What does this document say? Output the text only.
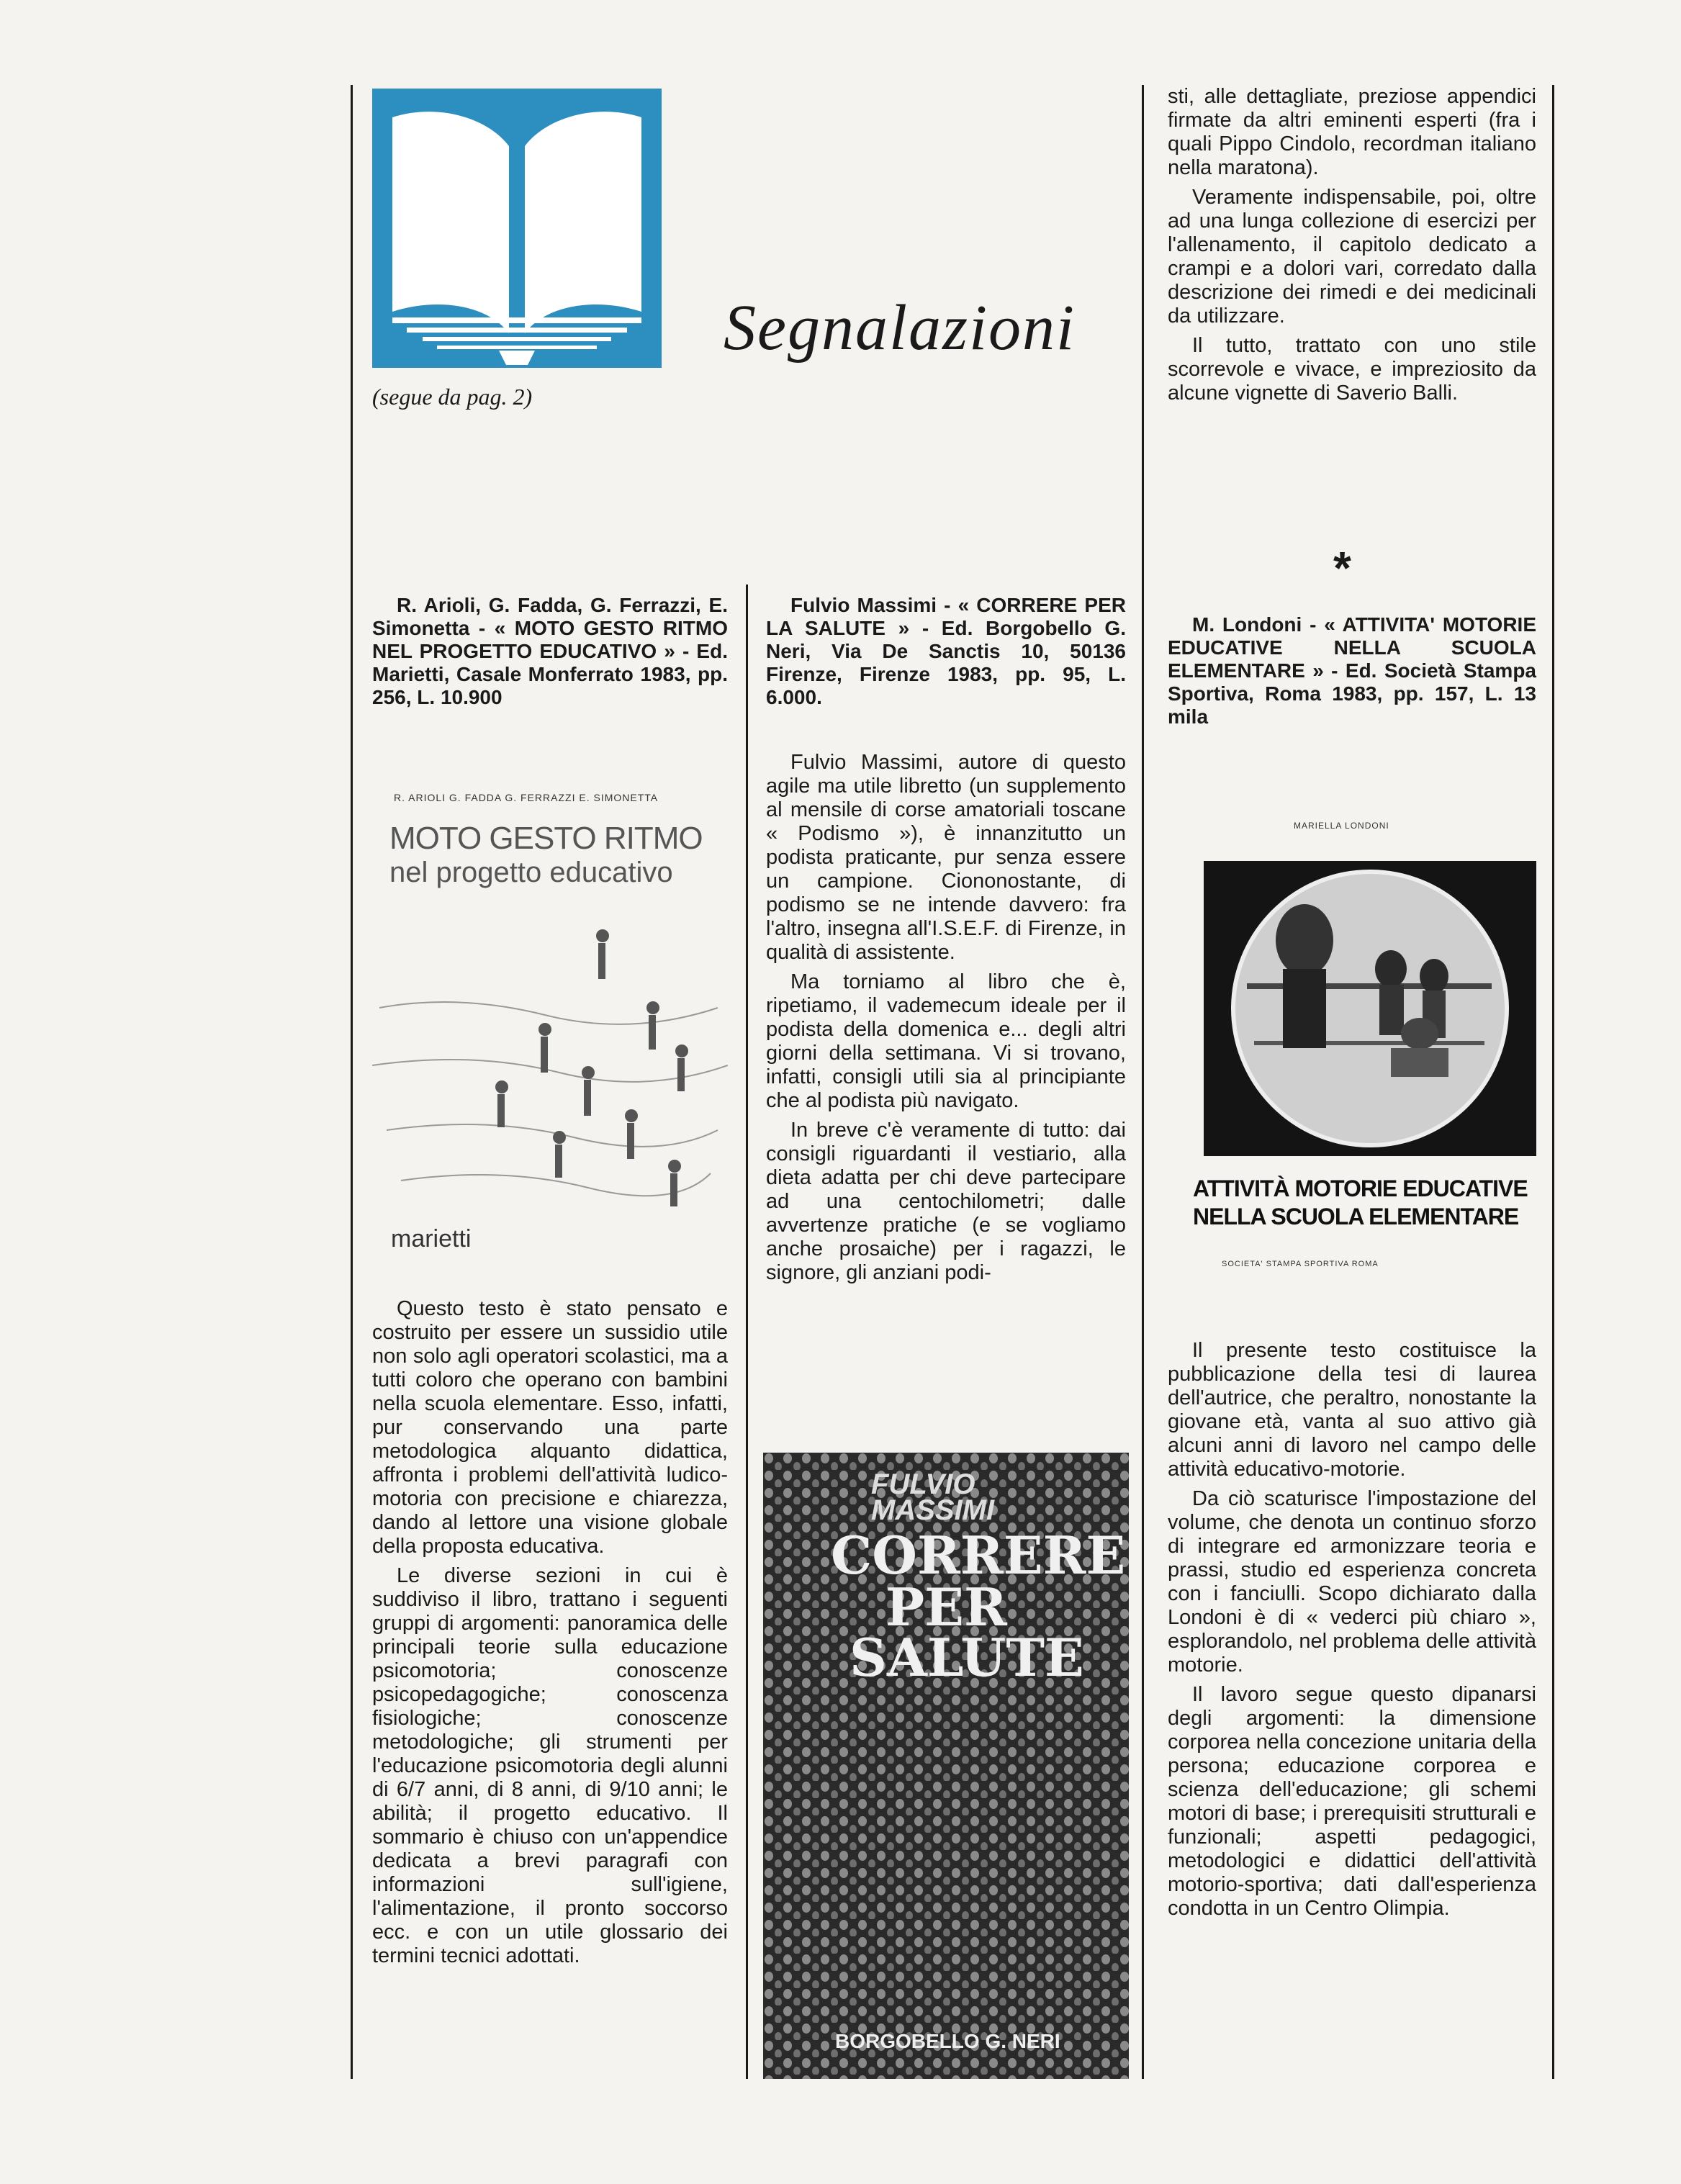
(segue da pag. 2)
Segnalazioni

sti, alle dettagliate, preziose appendici firmate da altri eminenti esperti (fra i quali Pippo Cindolo, recordman italiano nella maratona).

Veramente indispensabile, poi, oltre ad una lunga collezione di esercizi per l'allenamento, il capitolo dedicato a crampi e a dolori vari, corredato dalla descrizione dei rimedi e dei medicinali da utilizzare.

Il tutto, trattato con uno stile scorrevole e vivace, e impreziosito da alcune vignette di Saverio Balli.

*

R. Arioli, G. Fadda, G. Ferrazzi, E. Simonetta - « MOTO GESTO RITMO NEL PROGETTO EDUCATIVO » - Ed. Marietti, Casale Monferrato 1983, pp. 256, L. 10.900

R. ARIOLI G. FADDA G. FERRAZZI E. SIMONETTA
MOTO GESTO RITMO
nel progetto educativo
marietti

Questo testo è stato pensato e costruito per essere un sussidio utile non solo agli operatori scolastici, ma a tutti coloro che operano con bambini nella scuola elementare. Esso, infatti, pur conservando una parte metodologica alquanto didattica, affronta i problemi dell'attività ludico-motoria con precisione e chiarezza, dando al lettore una visione globale della proposta educativa.

Le diverse sezioni in cui è suddiviso il libro, trattano i seguenti gruppi di argomenti: panoramica delle principali teorie sulla educazione psicomotoria; conoscenze psicopedagogiche; conoscenza fisiologiche; conoscenze metodologiche; gli strumenti per l'educazione psicomotoria degli alunni di 6/7 anni, di 8 anni, di 9/10 anni; le abilità; il progetto educativo. Il sommario è chiuso con un'appendice dedicata a brevi paragrafi con informazioni sull'igiene, l'alimentazione, il pronto soccorso ecc. e con un utile glossario dei termini tecnici adottati.

Fulvio Massimi - « CORRERE PER LA SALUTE » - Ed. Borgobello G. Neri, Via De Sanctis 10, 50136 Firenze, Firenze 1983, pp. 95, L. 6.000.

Fulvio Massimi, autore di questo agile ma utile libretto (un supplemento al mensile di corse amatoriali toscane « Podismo »), è innanzitutto un podista praticante, pur senza essere un campione. Ciononostante, di podismo se ne intende davvero: fra l'altro, insegna all'I.S.E.F. di Firenze, in qualità di assistente.

Ma torniamo al libro che è, ripetiamo, il vademecum ideale per il podista della domenica e... degli altri giorni della settimana. Vi si trovano, infatti, consigli utili sia al principiante che al podista più navigato.

In breve c'è veramente di tutto: dai consigli riguardanti il vestiario, alla dieta adatta per chi deve partecipare ad una centochilometri; dalle avvertenze pratiche (e se vogliamo anche prosaiche) per i ragazzi, le signore, gli anziani podi-

FULVIO
MASSIMI
CORRERE
PER
SALUTE
BORGOBELLO G. NERI

M. Londoni - « ATTIVITA' MOTORIE EDUCATIVE NELLA SCUOLA ELEMENTARE » - Ed. Società Stampa Sportiva, Roma 1983, pp. 157, L. 13 mila

MARIELLA LONDONI
ATTIVITÀ MOTORIE EDUCATIVE
NELLA SCUOLA ELEMENTARE
SOCIETA' STAMPA SPORTIVA ROMA

Il presente testo costituisce la pubblicazione della tesi di laurea dell'autrice, che peraltro, nonostante la giovane età, vanta al suo attivo già alcuni anni di lavoro nel campo delle attività educativo-motorie.

Da ciò scaturisce l'impostazione del volume, che denota un continuo sforzo di integrare ed armonizzare teoria e prassi, studio ed esperienza concreta con i fanciulli. Scopo dichiarato dalla Londoni è di « vederci più chiaro », esplorandolo, nel problema delle attività motorie.

Il lavoro segue questo dipanarsi degli argomenti: la dimensione corporea nella concezione unitaria della persona; educazione corporea e scienza dell'educazione; gli schemi motori di base; i prerequisiti strutturali e funzionali; aspetti pedagogici, metodologici e didattici dell'attività motorio-sportiva; dati dall'esperienza condotta in un Centro Olimpia.
